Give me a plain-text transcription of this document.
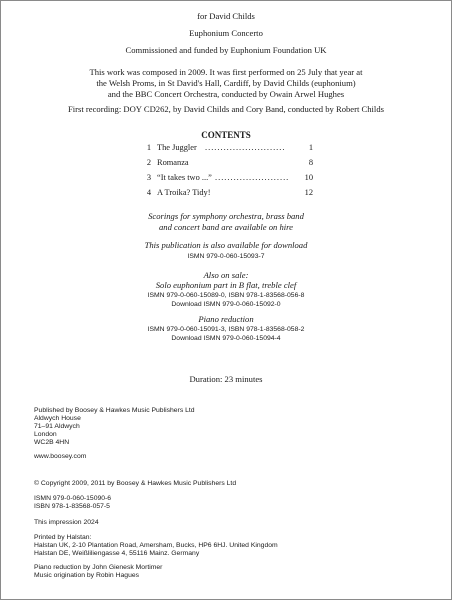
for David Childs
Euphonium Concerto
Commissioned and funded by Euphonium Foundation UK
This work was composed in 2009. It was first performed on 25 July that year at
the Welsh Proms, in St David's Hall, Cardiff, by David Childs (euphonium)
and the BBC Concert Orchestra, conducted by Owain Arwel Hughes
First recording: DOY CD262, by David Childs and Cory Band, conducted by Robert Childs
CONTENTS
1 The Juggler ..........................	1
2 Romanza	8
3 “It takes two ...” ........................	10
4 A Troika? Tidy!	12
Scorings for symphony orchestra, brass band
and concert band are available on hire
This publication is also available for download
ISMN 979-0-060-15093-7
Also on sale:
Solo euphonium part in B flat, treble clef
ISMN 979-0-060-15089-0, ISBN 978-1-83568-056-8
Download ISMN 979-0-060-15092-0
Piano reduction
ISMN 979-0-060-15091-3, ISBN 978-1-83568-058-2
Download ISMN 979-0-060-15094-4
Duration: 23 minutes
Published by Boosey & Hawkes Music Publishers Ltd
Aldwych House
71–91 Aldwych
London
WC2B 4HN
www.boosey.com
© Copyright 2009, 2011 by Boosey & Hawkes Music Publishers Ltd
ISMN 979-0-060-15090-6
ISBN 978-1-83568-057-5
This impression 2024
Printed by Halstan:
Halstan UK, 2-10 Plantation Road, Amersham, Bucks, HP6 6HJ. United Kingdom
Halstan DE, Weißliliengasse 4, 55116 Mainz. Germany
Piano reduction by John Gienesk Mortimer
Music origination by Robin Hagues
